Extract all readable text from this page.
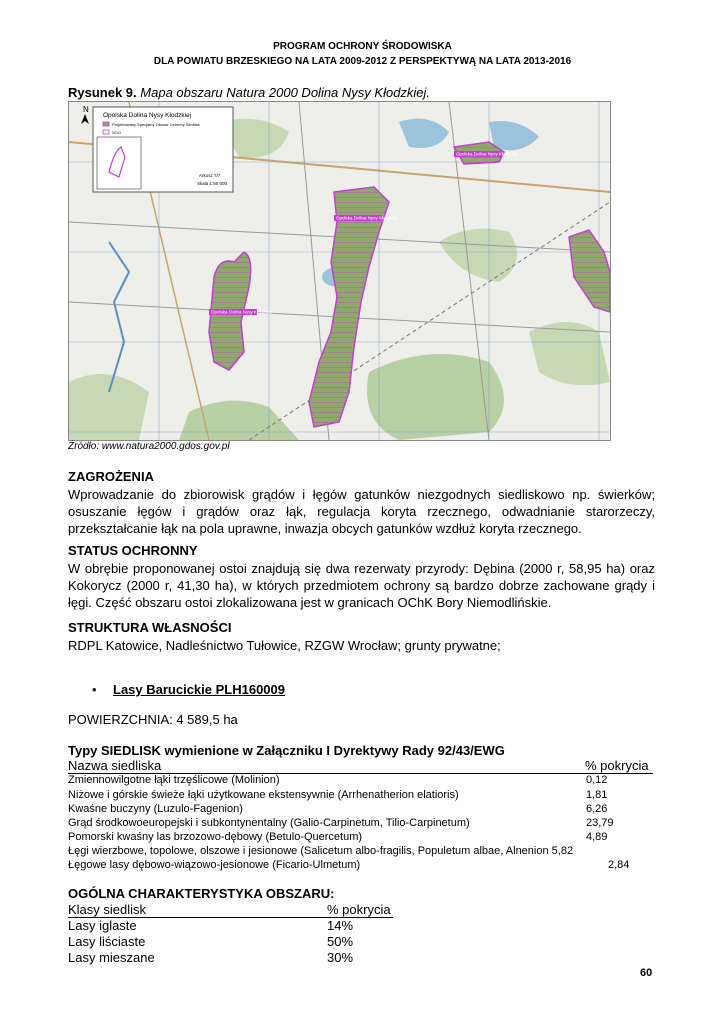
PROGRAM OCHRONY ŚRODOWISKA
DLA POWIATU BRZESKIEGO NA LATA 2009-2012 Z PERSPEKTYWĄ NA LATA 2013-2016
Rysunek 9. Mapa obszaru Natura 2000 Dolina Nysy Kłodzkiej.
Opolska Dolina Nysy Kłodzkiej
Opolska Dolina Nysy Kłodzkiej
Opolska Dolina Nysy Kłodzkiej
Opolska Dolina Nysy Kłodzkiej
Projektowany Specjalny Obszar Ochrony Siedlisk
SOO
Arkusz 7/7
Skala 1:50 000
N
Źródło: www.natura2000.gdos.gov.pl
ZAGROŻENIA
Wprowadzanie do zbiorowisk grądów i łęgów gatunków niezgodnych siedliskowo np. świerków; osuszanie łęgów i grądów oraz łąk, regulacja koryta rzecznego, odwadnianie starorzeczy, przekształcanie łąk na pola uprawne, inwazja obcych gatunków wzdłuż koryta rzecznego.
STATUS OCHRONNY
W obrębie proponowanej ostoi znajdują się dwa rezerwaty przyrody: Dębina (2000 r, 58,95 ha) oraz Kokorycz (2000 r, 41,30 ha), w których przedmiotem ochrony są bardzo dobrze zachowane grądy i łęgi. Część obszaru ostoi zlokalizowana jest w granicach OChK Bory Niemodlińskie.
STRUKTURA WŁASNOŚCI
RDPL Katowice, Nadleśnictwo Tułowice, RZGW Wrocław; grunty prywatne;
• Lasy Barucickie PLH160009
POWIERZCHNIA: 4 589,5 ha
Typy SIEDLISK wymienione w Załączniku I Dyrektywy Rady 92/43/EWG
Nazwa siedliska	% pokrycia
Zmiennowilgotne łąki trzęślicowe (Molinion)	0,12
Niżowe i górskie świeże łąki użytkowane ekstensywnie (Arrhenatherion elatioris)	1,81
Kwaśne buczyny (Luzulo-Fagenion)	6,26
Grąd środkowoeuropejski i subkontynentalny (Galio-Carpinetum, Tilio-Carpinetum)	23,79
Pomorski kwaśny las brzozowo-dębowy (Betulo-Quercetum)	4,89
Łęgi wierzbowe, topolowe, olszowe i jesionowe (Salicetum albo-fragilis, Populetum albae, Alnenion 5,82
Łęgowe lasy dębowo-wiązowo-jesionowe (Ficario-Ulmetum)	2,84
OGÓLNA CHARAKTERYSTYKA OBSZARU:
Klasy siedlisk	% pokrycia
Lasy iglaste	14%
Lasy liściaste	50%
Lasy mieszane	30%
60
